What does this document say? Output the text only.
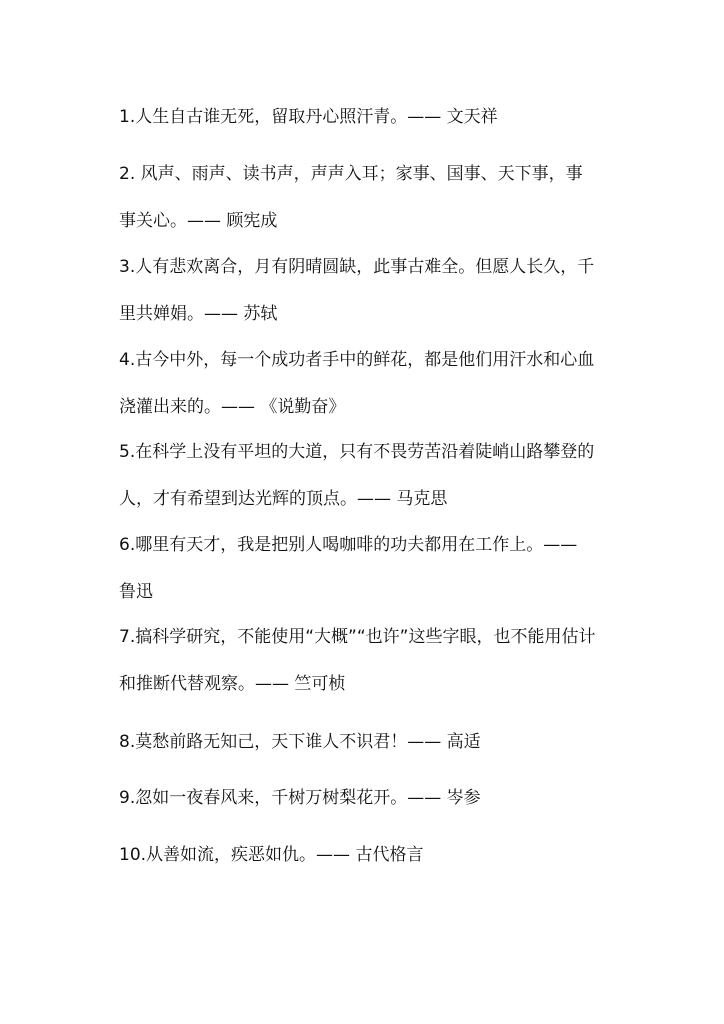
1.人生自古谁无死，留取丹心照汗青。—— 文天祥
2. 风声、雨声、读书声，声声入耳；家事、国事、天下事，事事关心。—— 顾宪成
3.人有悲欢离合，月有阴晴圆缺，此事古难全。但愿人长久，千里共婵娟。—— 苏轼
4.古今中外，每一个成功者手中的鲜花，都是他们用汗水和心血浇灌出来的。—— 《说勤奋》
5.在科学上没有平坦的大道，只有不畏劳苦沿着陡峭山路攀登的人，才有希望到达光辉的顶点。—— 马克思
6.哪里有天才，我是把别人喝咖啡的功夫都用在工作上。—— 鲁迅
7.搞科学研究，不能使用“大概”“也许”这些字眼，也不能用估计和推断代替观察。—— 竺可桢
8.莫愁前路无知己，天下谁人不识君！—— 高适
9.忽如一夜春风来，千树万树梨花开。—— 岑参
10.从善如流，疾恶如仇。—— 古代格言
